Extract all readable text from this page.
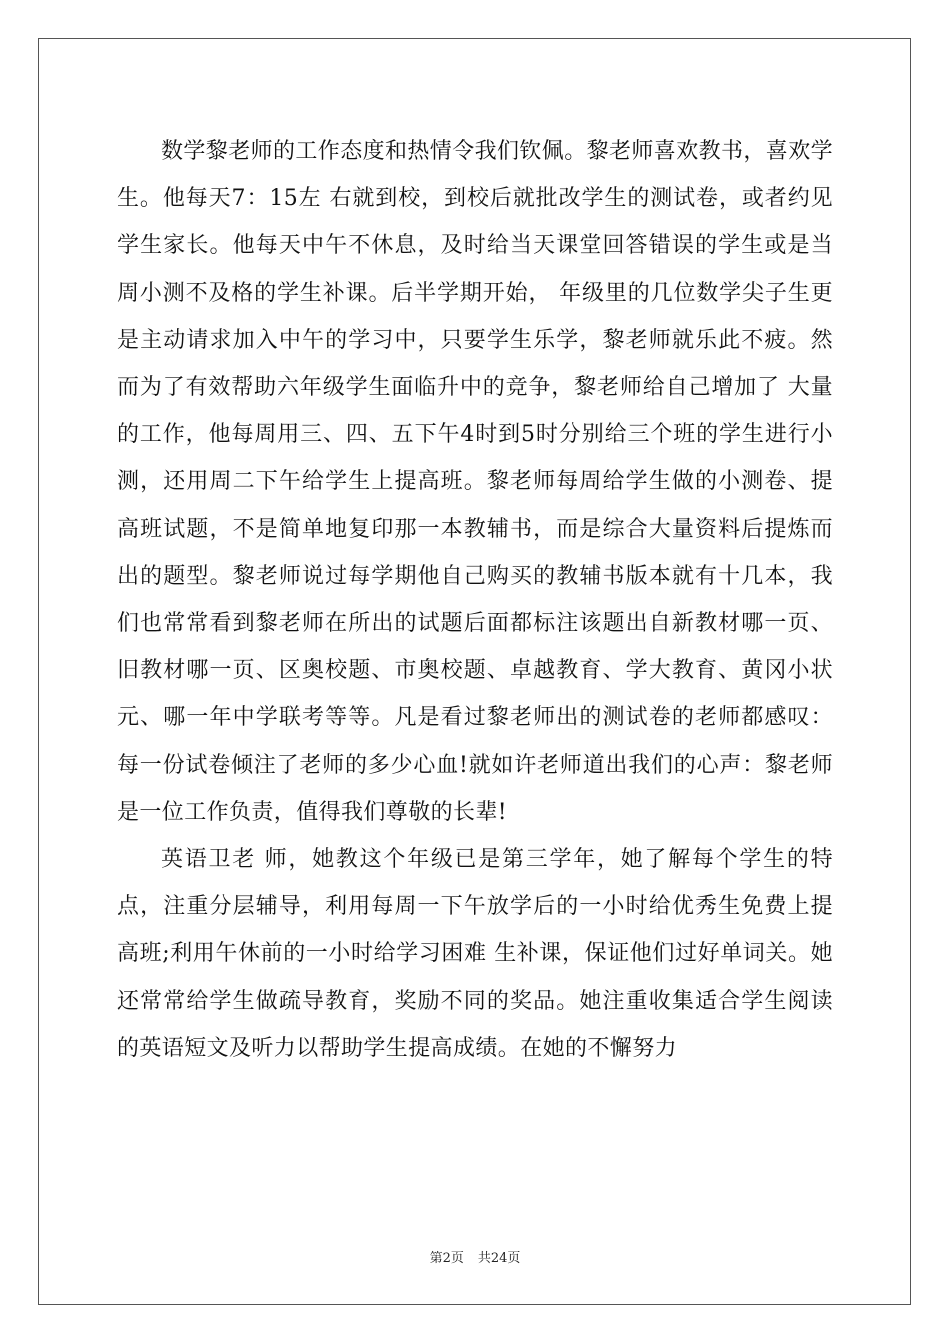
数学黎老师的工作态度和热情令我们钦佩。黎老师喜欢教书，喜欢学生。他每天7：15左 右就到校，到校后就批改学生的测试卷，或者约见学生家长。他每天中午不休息，及时给当天课堂回答错误的学生或是当周小测不及格的学生补课。后半学期开始， 年级里的几位数学尖子生更是主动请求加入中午的学习中，只要学生乐学，黎老师就乐此不疲。然而为了有效帮助六年级学生面临升中的竞争，黎老师给自己增加了 大量的工作，他每周用三、四、五下午4时到5时分别给三个班的学生进行小测，还用周二下午给学生上提高班。黎老师每周给学生做的小测卷、提高班试题，不是简单地复印那一本教辅书，而是综合大量资料后提炼而出的题型。黎老师说过每学期他自己购买的教辅书版本就有十几本，我们也常常看到黎老师在所出的试题后面都标注该题出自新教材哪一页、旧教材哪一页、区奥校题、市奥校题、卓越教育、学大教育、黄冈小状元、哪一年中学联考等等。凡是看过黎老师出的测试卷的老师都感叹：每一份试卷倾注了老师的多少心血!就如许老师道出我们的心声：黎老师是一位工作负责，值得我们尊敬的长辈!

英语卫老 师，她教这个年级已是第三学年，她了解每个学生的特点，注重分层辅导，利用每周一下午放学后的一小时给优秀生免费上提高班;利用午休前的一小时给学习困难 生补课，保证他们过好单词关。她还常常给学生做疏导教育，奖励不同的奖品。她注重收集适合学生阅读的英语短文及听力以帮助学生提高成绩。在她的不懈努力

第2页 共24页
